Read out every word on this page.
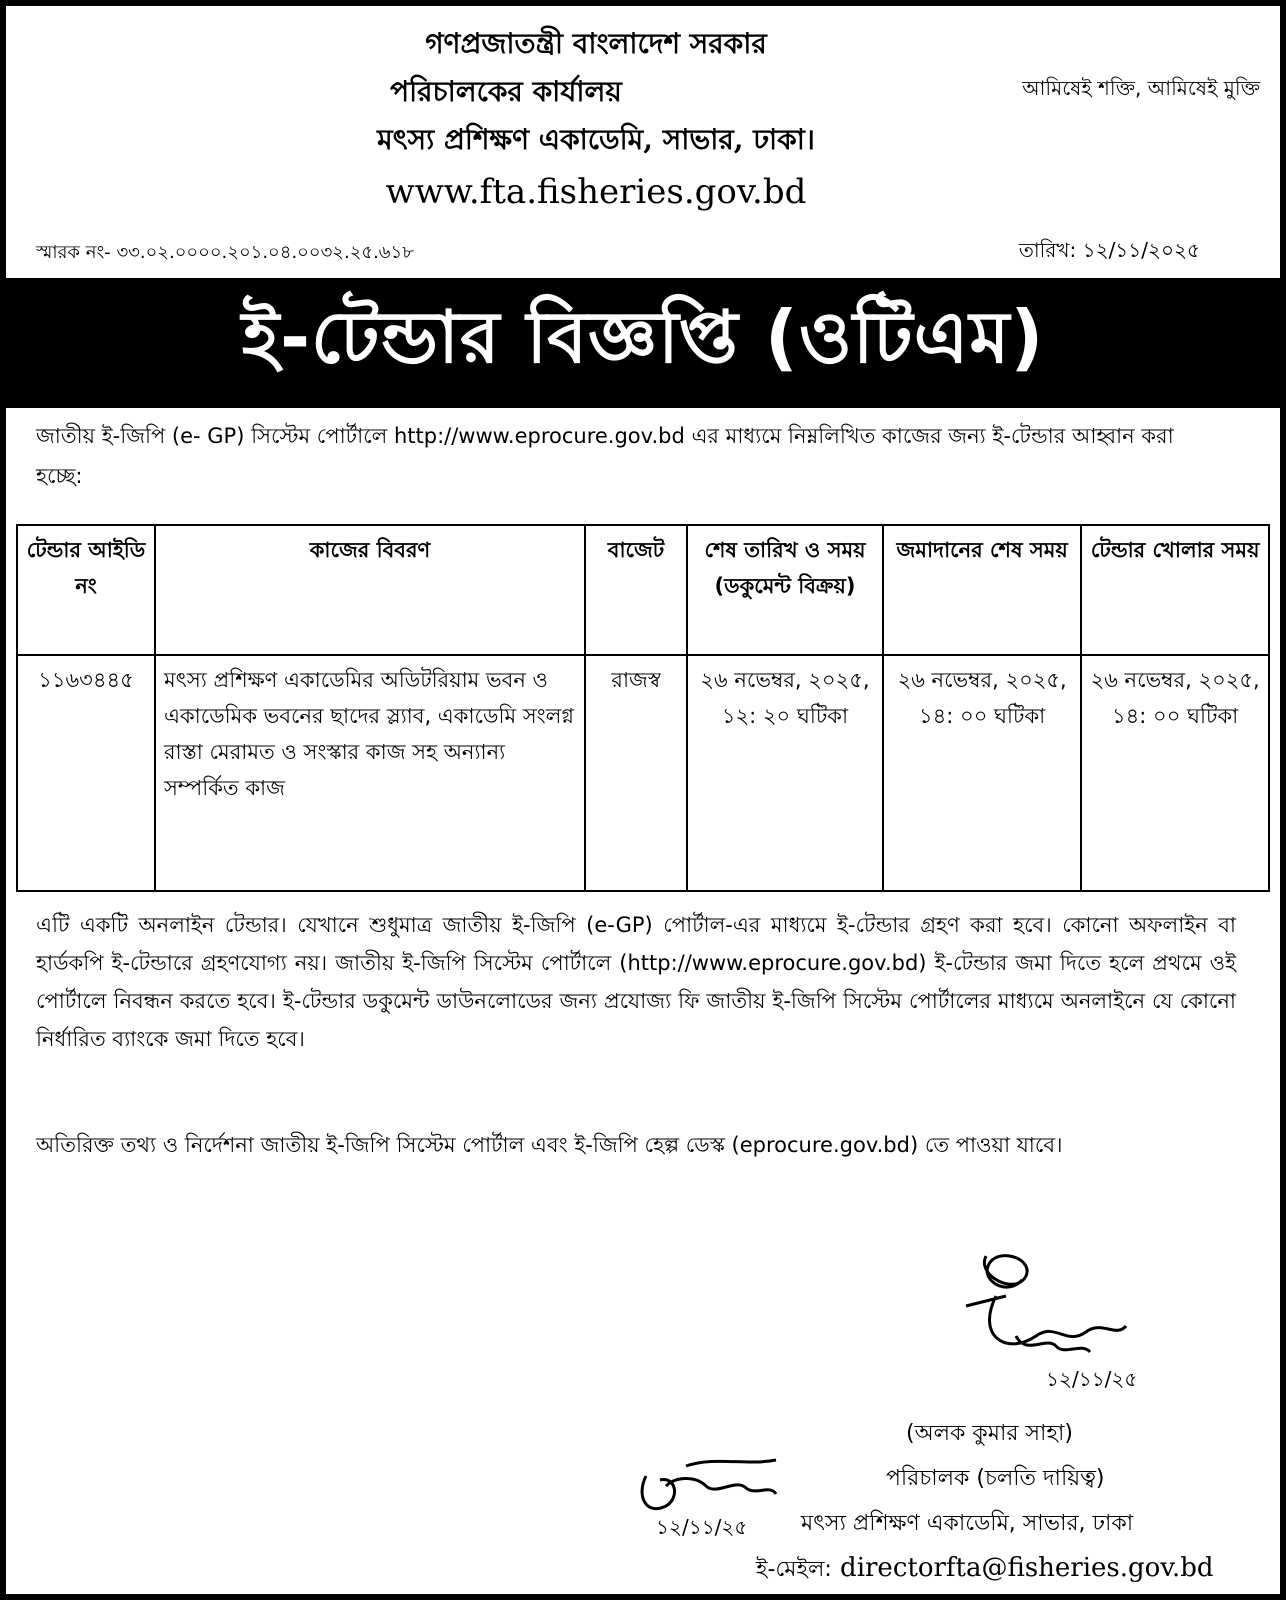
গণপ্রজাতন্ত্রী বাংলাদেশ সরকার
পরিচালকের কার্যালয়
মৎস্য প্রশিক্ষণ একাডেমি, সাভার, ঢাকা।
www.fta.fisheries.gov.bd
আমিষেই শক্তি, আমিষেই মুক্তি
স্মারক নং- ৩৩.০২.০০০০.২০১.০৪.০০৩২.২৫.৬১৮	তারিখ: ১২/১১/২০২৫
ই-টেন্ডার বিজ্ঞপ্তি (ওটিএম)
জাতীয় ই-জিপি (e- GP) সিস্টেম পোর্টালে http://www.eprocure.gov.bd এর মাধ্যমে নিম্নলিখিত কাজের জন্য ই-টেন্ডার আহ্বান করা হচ্ছে:
টেন্ডার আইডি নং	কাজের বিবরণ	বাজেট	শেষ তারিখ ও সময় (ডকুমেন্ট বিক্রয়)	জমাদানের শেষ সময়	টেন্ডার খোলার সময়
১১৬৩৪৪৫	মৎস্য প্রশিক্ষণ একাডেমির অডিটরিয়াম ভবন ও একাডেমিক ভবনের ছাদের স্ল্যাব, একাডেমি সংলগ্ন রাস্তা মেরামত ও সংস্কার কাজ সহ অন্যান্য সম্পর্কিত কাজ	রাজস্ব	২৬ নভেম্বর, ২০২৫, ১২: ২০ ঘটিকা	২৬ নভেম্বর, ২০২৫, ১৪: ০০ ঘটিকা	২৬ নভেম্বর, ২০২৫, ১৪: ০০ ঘটিকা
এটি একটি অনলাইন টেন্ডার। যেখানে শুধুমাত্র জাতীয় ই-জিপি (e-GP) পোর্টাল-এর মাধ্যমে ই-টেন্ডার গ্রহণ করা হবে। কোনো অফলাইন বা হার্ডকপি ই-টেন্ডারে গ্রহণযোগ্য নয়। জাতীয় ই-জিপি সিস্টেম পোর্টালে (http://www.eprocure.gov.bd) ই-টেন্ডার জমা দিতে হলে প্রথমে ওই পোর্টালে নিবন্ধন করতে হবে। ই-টেন্ডার ডকুমেন্ট ডাউনলোডের জন্য প্রযোজ্য ফি জাতীয় ই-জিপি সিস্টেম পোর্টালের মাধ্যমে অনলাইনে যে কোনো নির্ধারিত ব্যাংকে জমা দিতে হবে।
অতিরিক্ত তথ্য ও নির্দেশনা জাতীয় ই-জিপি সিস্টেম পোর্টাল এবং ই-জিপি হেল্প ডেস্ক (eprocure.gov.bd) তে পাওয়া যাবে।
১২/১১/২৫
১২/১১/২৫
(অলক কুমার সাহা)
পরিচালক (চলতি দায়িত্ব)
মৎস্য প্রশিক্ষণ একাডেমি, সাভার, ঢাকা
ই-মেইল: directorfta@fisheries.gov.bd
